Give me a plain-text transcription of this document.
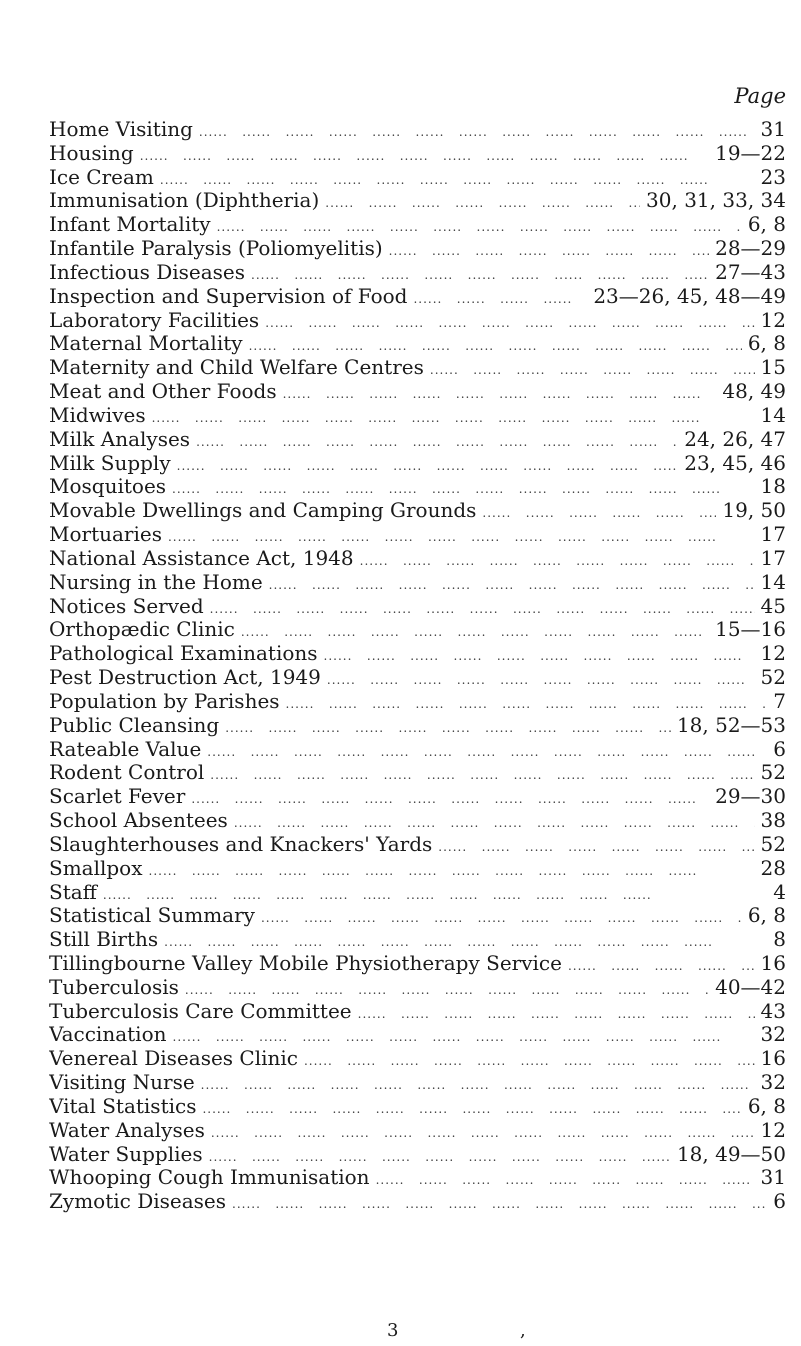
Page
Home Visiting .....	31
Housing .....	19—22
Ice Cream .....	23
Immunisation (Diphtheria) .....	30, 31, 33, 34
Infant Mortality .....	6, 8
Infantile Paralysis (Poliomyelitis) .....	28—29
Infectious Diseases .....	27—43
Inspection and Supervision of Food .....	23—26, 45, 48—49
Laboratory Facilities .....	12
Maternal Mortality .....	6, 8
Maternity and Child Welfare Centres .....	15
Meat and Other Foods .....	48, 49
Midwives .....	14
Milk Analyses .....	24, 26, 47
Milk Supply .....	23, 45, 46
Mosquitoes .....	18
Movable Dwellings and Camping Grounds .....	19, 50
Mortuaries .....	17
National Assistance Act, 1948 .....	17
Nursing in the Home .....	14
Notices Served .....	45
Orthopædic Clinic .....	15—16
Pathological Examinations .....	12
Pest Destruction Act, 1949 .....	52
Population by Parishes .....	7
Public Cleansing .....	18, 52—53
Rateable Value .....	6
Rodent Control .....	52
Scarlet Fever .....	29—30
School Absentees .....	38
Slaughterhouses and Knackers' Yards .....	52
Smallpox .....	28
Staff .....	4
Statistical Summary .....	6, 8
Still Births .....	8
Tillingbourne Valley Mobile Physiotherapy Service .....	16
Tuberculosis .....	40—42
Tuberculosis Care Committee .....	43
Vaccination .....	32
Venereal Diseases Clinic .....	16
Visiting Nurse .....	32
Vital Statistics .....	6, 8
Water Analyses .....	12
Water Supplies .....	18, 49—50
Whooping Cough Immunisation .....	31
Zymotic Diseases .....	6
3	,
